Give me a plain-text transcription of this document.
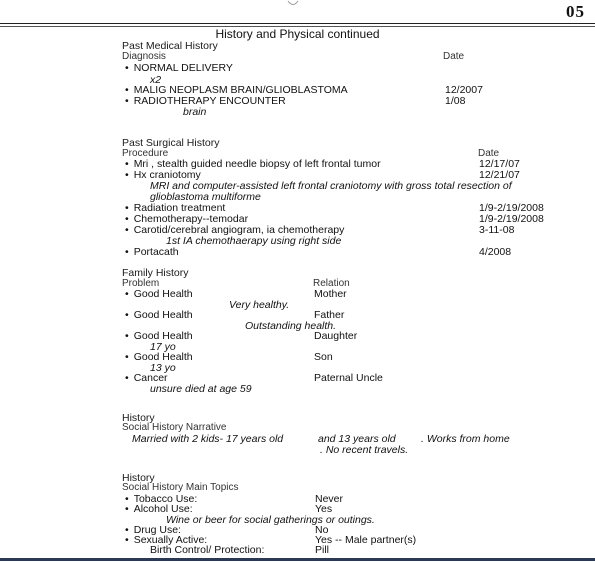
05
History and Physical continued
Past Medical History
Diagnosis	Date
• NORMAL DELIVERY
x2
• MALIG NEOPLASM BRAIN/GLIOBLASTOMA	12/2007
• RADIOTHERAPY ENCOUNTER	1/08
brain
Past Surgical History
Procedure	Date
• Mri , stealth guided needle biopsy of left frontal tumor	12/17/07
• Hx craniotomy	12/21/07
MRI and computer-assisted left frontal craniotomy with gross total resection of
glioblastoma multiforme
• Radiation treatment	1/9-2/19/2008
• Chemotherapy--temodar	1/9-2/19/2008
• Carotid/cerebral angiogram, ia chemotherapy	3-11-08
1st IA chemothaerapy using right side
• Portacath	4/2008
Family History
Problem	Relation
• Good Health	Mother
Very healthy.
• Good Health	Father
Outstanding health.
• Good Health	Daughter
17 yo
• Good Health	Son
13 yo
• Cancer	Paternal Uncle
unsure died at age 59
History
Social History Narrative
Married with 2 kids- 17 years old	and 13 years old . Works from home
. No recent travels.
History
Social History Main Topics
• Tobacco Use:	Never
• Alcohol Use:	Yes
Wine or beer for social gatherings or outings.
• Drug Use:	No
• Sexually Active:	Yes -- Male partner(s)
Birth Control/ Protection:	Pill
